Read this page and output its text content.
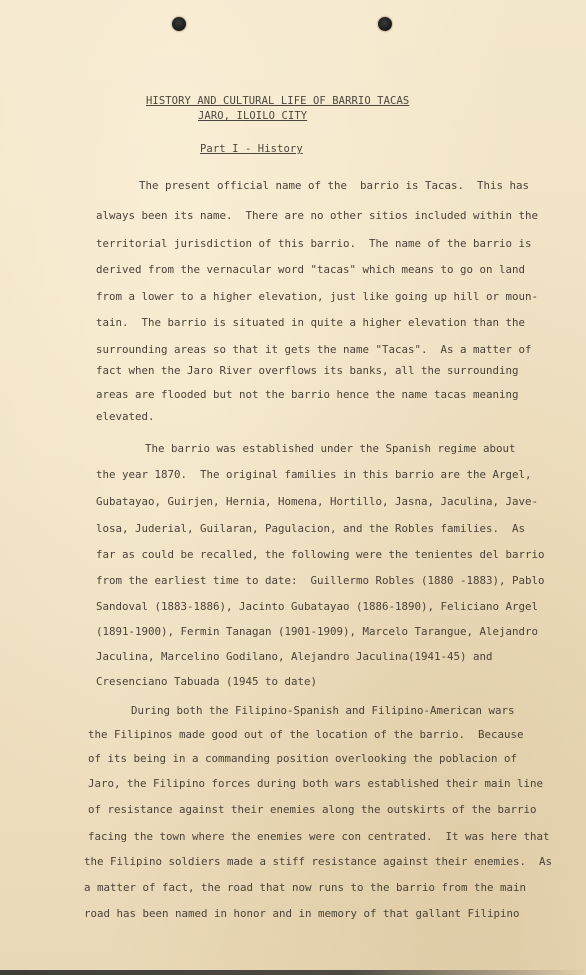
HISTORY AND CULTURAL LIFE OF BARRIO TACAS
JARO, ILOILO CITY
Part I - History
The present official name of the  barrio is Tacas.  This has
always been its name.  There are no other sitios included within the
territorial jurisdiction of this barrio.  The name of the barrio is
derived from the vernacular word "tacas" which means to go on land
from a lower to a higher elevation, just like going up hill or moun-
tain.  The barrio is situated in quite a higher elevation than the
surrounding areas so that it gets the name "Tacas".  As a matter of
fact when the Jaro River overflows its banks, all the surrounding
areas are flooded but not the barrio hence the name tacas meaning
elevated.
The barrio was established under the Spanish regime about
the year 1870.  The original families in this barrio are the Argel,
Gubatayao, Guirjen, Hernia, Homena, Hortillo, Jasna, Jaculina, Jave-
losa, Juderial, Guilaran, Pagulacion, and the Robles families.  As
far as could be recalled, the following were the tenientes del barrio
from the earliest time to date:  Guillermo Robles (1880 -1883), Pablo
Sandoval (1883-1886), Jacinto Gubatayao (1886-1890), Feliciano Argel
(1891-1900), Fermin Tanagan (1901-1909), Marcelo Tarangue, Alejandro
Jaculina, Marcelino Godilano, Alejandro Jaculina(1941-45) and
Cresenciano Tabuada (1945 to date)
During both the Filipino-Spanish and Filipino-American wars
the Filipinos made good out of the location of the barrio.  Because
of its being in a commanding position overlooking the poblacion of
Jaro, the Filipino forces during both wars established their main line
of resistance against their enemies along the outskirts of the barrio
facing the town where the enemies were con centrated.  It was here that
the Filipino soldiers made a stiff resistance against their enemies.  As
a matter of fact, the road that now runs to the barrio from the main
road has been named in honor and in memory of that gallant Filipino
